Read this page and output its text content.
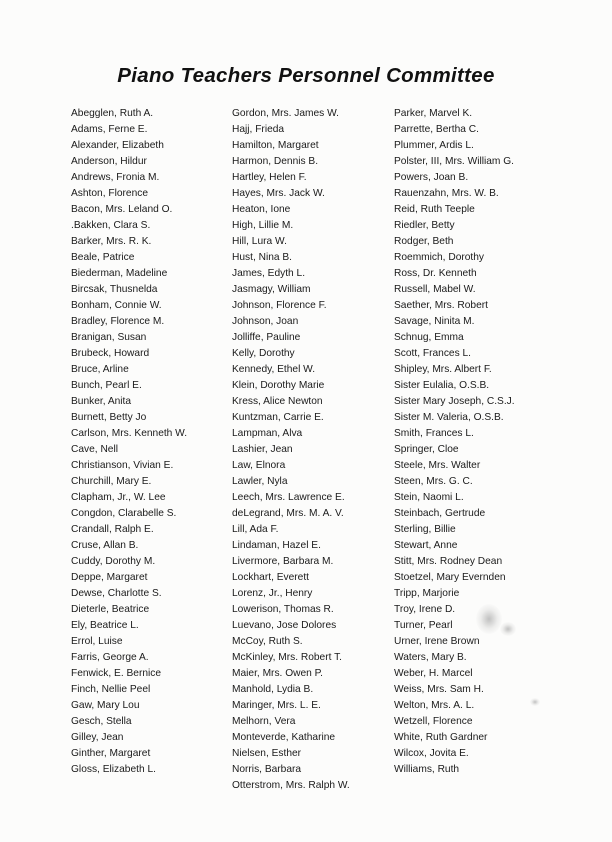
Piano Teachers Personnel Committee
Abegglen, Ruth A.
Adams, Ferne E.
Alexander, Elizabeth
Anderson, Hildur
Andrews, Fronia M.
Ashton, Florence
Bacon, Mrs. Leland O.
.Bakken, Clara S.
Barker, Mrs. R. K.
Beale, Patrice
Biederman, Madeline
Bircsak, Thusnelda
Bonham, Connie W.
Bradley, Florence M.
Branigan, Susan
Brubeck, Howard
Bruce, Arline
Bunch, Pearl E.
Bunker, Anita
Burnett, Betty Jo
Carlson, Mrs. Kenneth W.
Cave, Nell
Christianson, Vivian E.
Churchill, Mary E.
Clapham, Jr., W. Lee
Congdon, Clarabelle S.
Crandall, Ralph E.
Cruse, Allan B.
Cuddy, Dorothy M.
Deppe, Margaret
Dewse, Charlotte S.
Dieterle, Beatrice
Ely, Beatrice L.
Errol, Luise
Farris, George A.
Fenwick, E. Bernice
Finch, Nellie Peel
Gaw, Mary Lou
Gesch, Stella
Gilley, Jean
Ginther, Margaret
Gloss, Elizabeth L.
Gordon, Mrs. James W.
Hajj, Frieda
Hamilton, Margaret
Harmon, Dennis B.
Hartley, Helen F.
Hayes, Mrs. Jack W.
Heaton, Ione
High, Lillie M.
Hill, Lura W.
Hust, Nina B.
James, Edyth L.
Jasmagy, William
Johnson, Florence F.
Johnson, Joan
Jolliffe, Pauline
Kelly, Dorothy
Kennedy, Ethel W.
Klein, Dorothy Marie
Kress, Alice Newton
Kuntzman, Carrie E.
Lampman, Alva
Lashier, Jean
Law, Elnora
Lawler, Nyla
Leech, Mrs. Lawrence E.
deLegrand, Mrs. M. A. V.
Lill, Ada F.
Lindaman, Hazel E.
Livermore, Barbara M.
Lockhart, Everett
Lorenz, Jr., Henry
Lowerison, Thomas R.
Luevano, Jose Dolores
McCoy, Ruth S.
McKinley, Mrs. Robert T.
Maier, Mrs. Owen P.
Manhold, Lydia B.
Maringer, Mrs. L. E.
Melhorn, Vera
Monteverde, Katharine
Nielsen, Esther
Norris, Barbara
Otterstrom, Mrs. Ralph W.
Parker, Marvel K.
Parrette, Bertha C.
Plummer, Ardis L.
Polster, III, Mrs. William G.
Powers, Joan B.
Rauenzahn, Mrs. W. B.
Reid, Ruth Teeple
Riedler, Betty
Rodger, Beth
Roemmich, Dorothy
Ross, Dr. Kenneth
Russell, Mabel W.
Saether, Mrs. Robert
Savage, Ninita M.
Schnug, Emma
Scott, Frances L.
Shipley, Mrs. Albert F.
Sister Eulalia, O.S.B.
Sister Mary Joseph, C.S.J.
Sister M. Valeria, O.S.B.
Smith, Frances L.
Springer, Cloe
Steele, Mrs. Walter
Steen, Mrs. G. C.
Stein, Naomi L.
Steinbach, Gertrude
Sterling, Billie
Stewart, Anne
Stitt, Mrs. Rodney Dean
Stoetzel, Mary Evernden
Tripp, Marjorie
Troy, Irene D.
Turner, Pearl
Urner, Irene Brown
Waters, Mary B.
Weber, H. Marcel
Weiss, Mrs. Sam H.
Welton, Mrs. A. L.
Wetzell, Florence
White, Ruth Gardner
Wilcox, Jovita E.
Williams, Ruth
